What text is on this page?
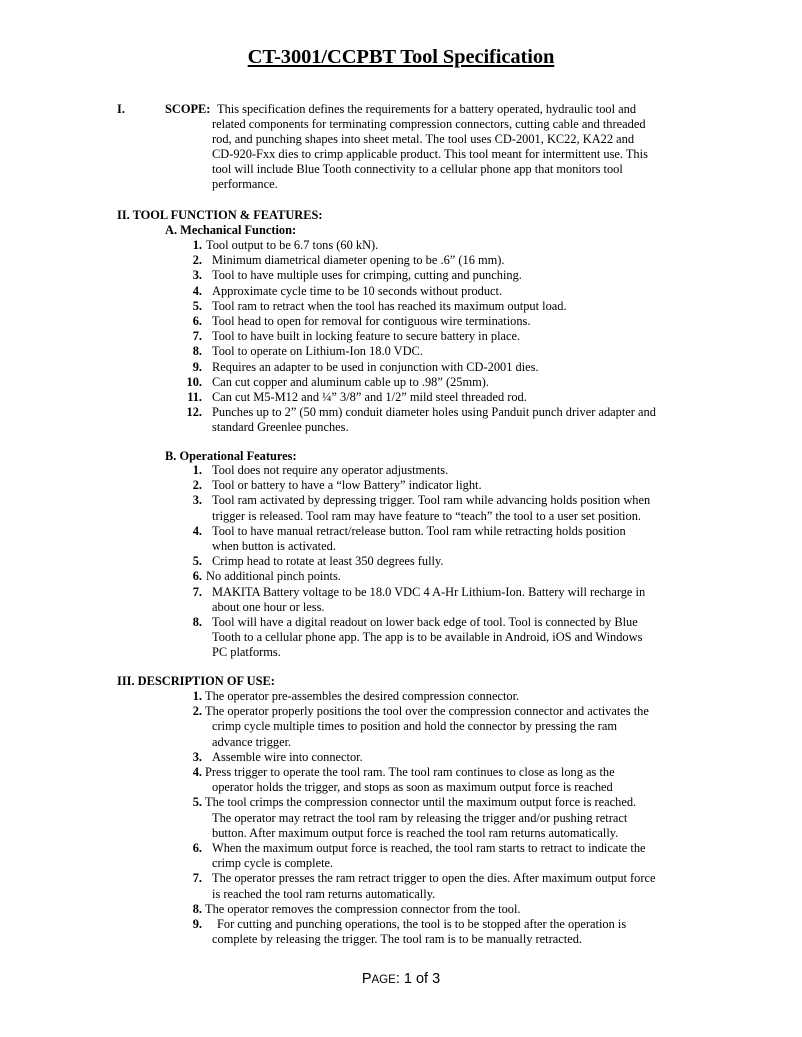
CT-3001/CCPBT Tool Specification
I.	SCOPE: This specification defines the requirements for a battery operated, hydraulic tool and
related components for terminating compression connectors, cutting cable and threaded
rod, and punching shapes into sheet metal. The tool uses CD-2001, KC22, KA22 and
CD-920-Fxx dies to crimp applicable product. This tool meant for intermittent use. This
tool will include Blue Tooth connectivity to a cellular phone app that monitors tool
performance.
II. TOOL FUNCTION & FEATURES:
A. Mechanical Function:
1. Tool output to be 6.7 tons (60 kN).
2. Minimum diametrical diameter opening to be .6” (16 mm).
3. Tool to have multiple uses for crimping, cutting and punching.
4. Approximate cycle time to be 10 seconds without product.
5. Tool ram to retract when the tool has reached its maximum output load.
6. Tool head to open for removal for contiguous wire terminations.
7. Tool to have built in locking feature to secure battery in place.
8. Tool to operate on Lithium-Ion 18.0 VDC.
9. Requires an adapter to be used in conjunction with CD-2001 dies.
10. Can cut copper and aluminum cable up to .98” (25mm).
11. Can cut M5-M12 and ¼” 3/8” and 1/2” mild steel threaded rod.
12. Punches up to 2” (50 mm) conduit diameter holes using Panduit punch driver adapter and
standard Greenlee punches.
B. Operational Features:
1. Tool does not require any operator adjustments.
2. Tool or battery to have a “low Battery” indicator light.
3. Tool ram activated by depressing trigger. Tool ram while advancing holds position when
trigger is released. Tool ram may have feature to “teach” the tool to a user set position.
4. Tool to have manual retract/release button. Tool ram while retracting holds position
when button is activated.
5. Crimp head to rotate at least 350 degrees fully.
6. No additional pinch points.
7. MAKITA Battery voltage to be 18.0 VDC 4 A-Hr Lithium-Ion. Battery will recharge in
about one hour or less.
8. Tool will have a digital readout on lower back edge of tool. Tool is connected by Blue
Tooth to a cellular phone app. The app is to be available in Android, iOS and Windows
PC platforms.
III. DESCRIPTION OF USE:
1. The operator pre-assembles the desired compression connector.
2. The operator properly positions the tool over the compression connector and activates the
crimp cycle multiple times to position and hold the connector by pressing the ram
advance trigger.
3. Assemble wire into connector.
4. Press trigger to operate the tool ram. The tool ram continues to close as long as the
operator holds the trigger, and stops as soon as maximum output force is reached
5. The tool crimps the compression connector until the maximum output force is reached.
The operator may retract the tool ram by releasing the trigger and/or pushing retract
button. After maximum output force is reached the tool ram returns automatically.
6. When the maximum output force is reached, the tool ram starts to retract to indicate the
crimp cycle is complete.
7. The operator presses the ram retract trigger to open the dies. After maximum output force
is reached the tool ram returns automatically.
8. The operator removes the compression connector from the tool.
9. For cutting and punching operations, the tool is to be stopped after the operation is
complete by releasing the trigger. The tool ram is to be manually retracted.
PAGE: 1 of 3
